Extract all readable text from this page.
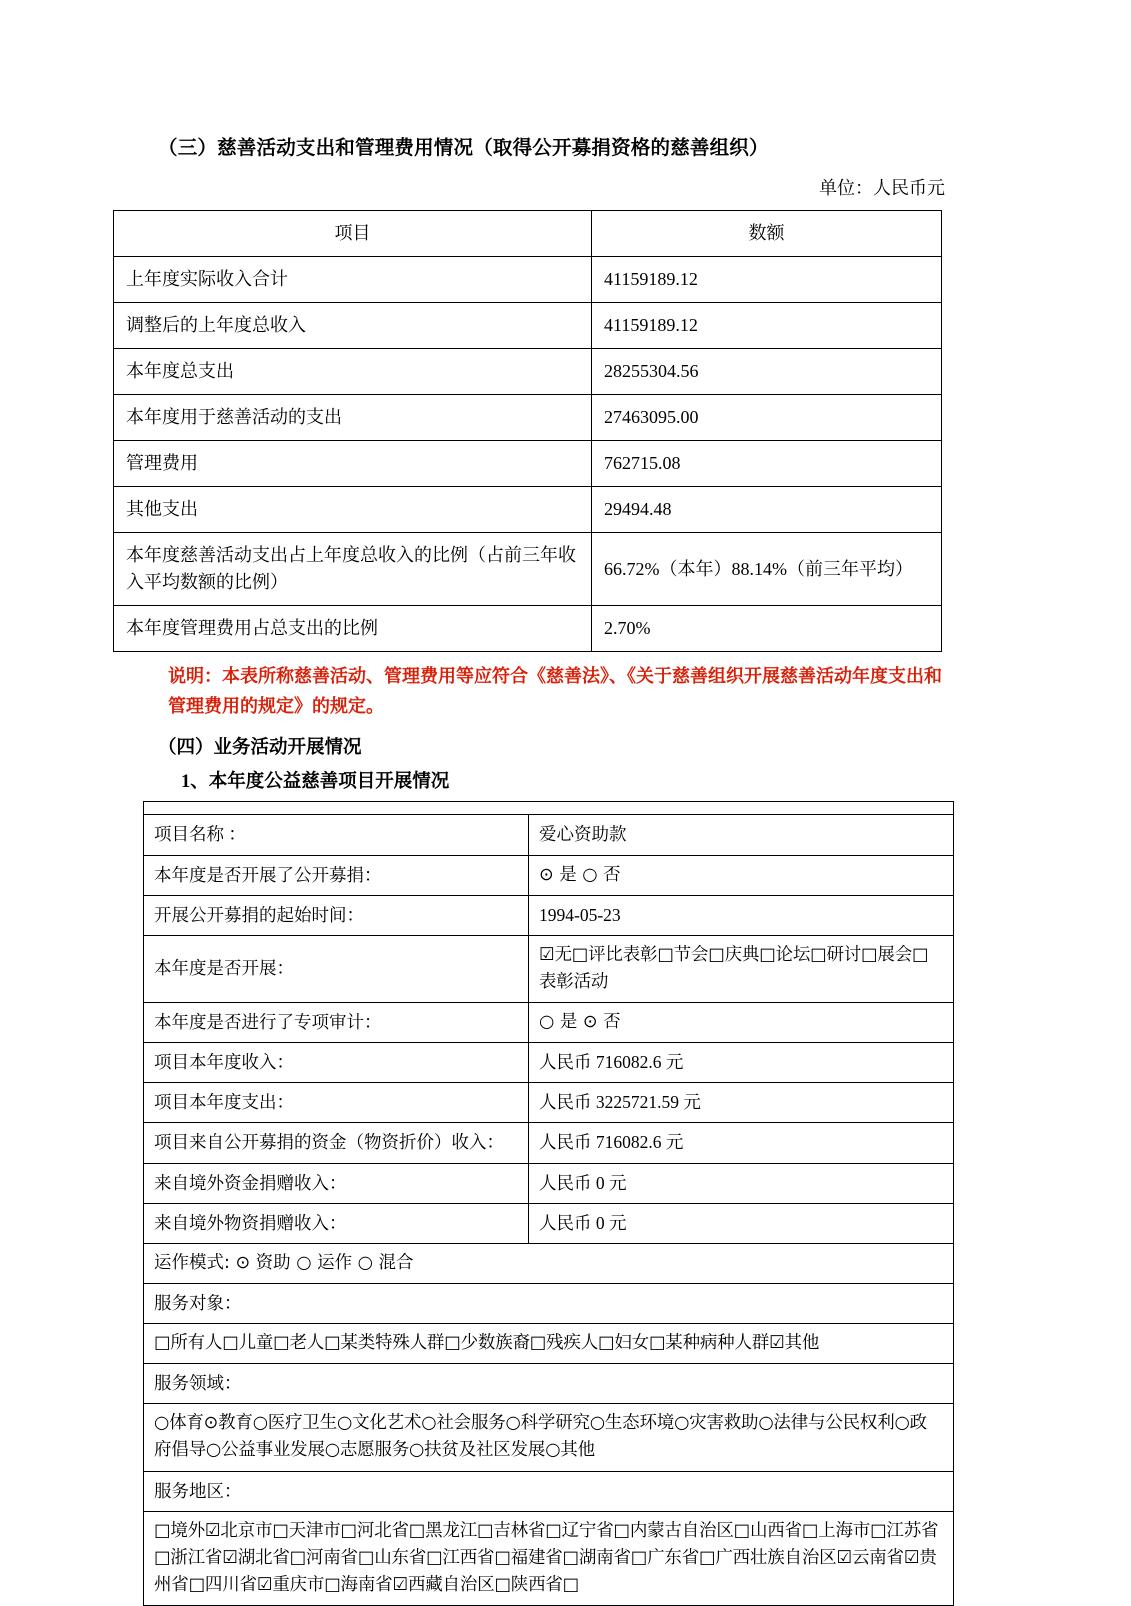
（三）慈善活动支出和管理费用情况（取得公开募捐资格的慈善组织）
单位：人民币元
项目	数额
上年度实际收入合计	41159189.12
调整后的上年度总收入	41159189.12
本年度总支出	28255304.56
本年度用于慈善活动的支出	27463095.00
管理费用	762715.08
其他支出	29494.48
本年度慈善活动支出占上年度总收入的比例（占前三年收入平均数额的比例）	66.72%（本年）88.14%（前三年平均）
本年度管理费用占总支出的比例	2.70%
说明：本表所称慈善活动、管理费用等应符合《慈善法》、《关于慈善组织开展慈善活动年度支出和管理费用的规定》的规定。
（四）业务活动开展情况
1、本年度公益慈善项目开展情况

项目名称 ：	爱心资助款
本年度是否开展了公开募捐：	⊙ 是 ○ 否
开展公开募捐的起始时间：	1994-05-23
本年度是否开展：	☑无□评比表彰□节会□庆典□论坛□研讨□展会□表彰活动
本年度是否进行了专项审计：	○ 是 ⊙ 否
项目本年度收入：	人民币 716082.6 元
项目本年度支出：	人民币 3225721.59 元
项目来自公开募捐的资金（物资折价）收入：	人民币 716082.6 元
来自境外资金捐赠收入：	人民币 0 元
来自境外物资捐赠收入：	人民币 0 元
运作模式: ⊙ 资助 ○ 运作 ○ 混合	
服务对象：	
□所有人□儿童□老人□某类特殊人群□少数族裔□残疾人□妇女□某种病种人群☑其他	
服务领域：	
○体育⊙教育○医疗卫生○文化艺术○社会服务○科学研究○生态环境○灾害救助○法律与公民权利○政府倡导○公益事业发展○志愿服务○扶贫及社区发展○其他	
服务地区：	
□境外☑北京市□天津市□河北省□黑龙江□吉林省□辽宁省□内蒙古自治区□山西省□上海市□江苏省□浙江省☑湖北省□河南省□山东省□江西省□福建省□湖南省□广东省□广西壮族自治区☑云南省☑贵州省□四川省☑重庆市□海南省☑西藏自治区□陕西省□	
